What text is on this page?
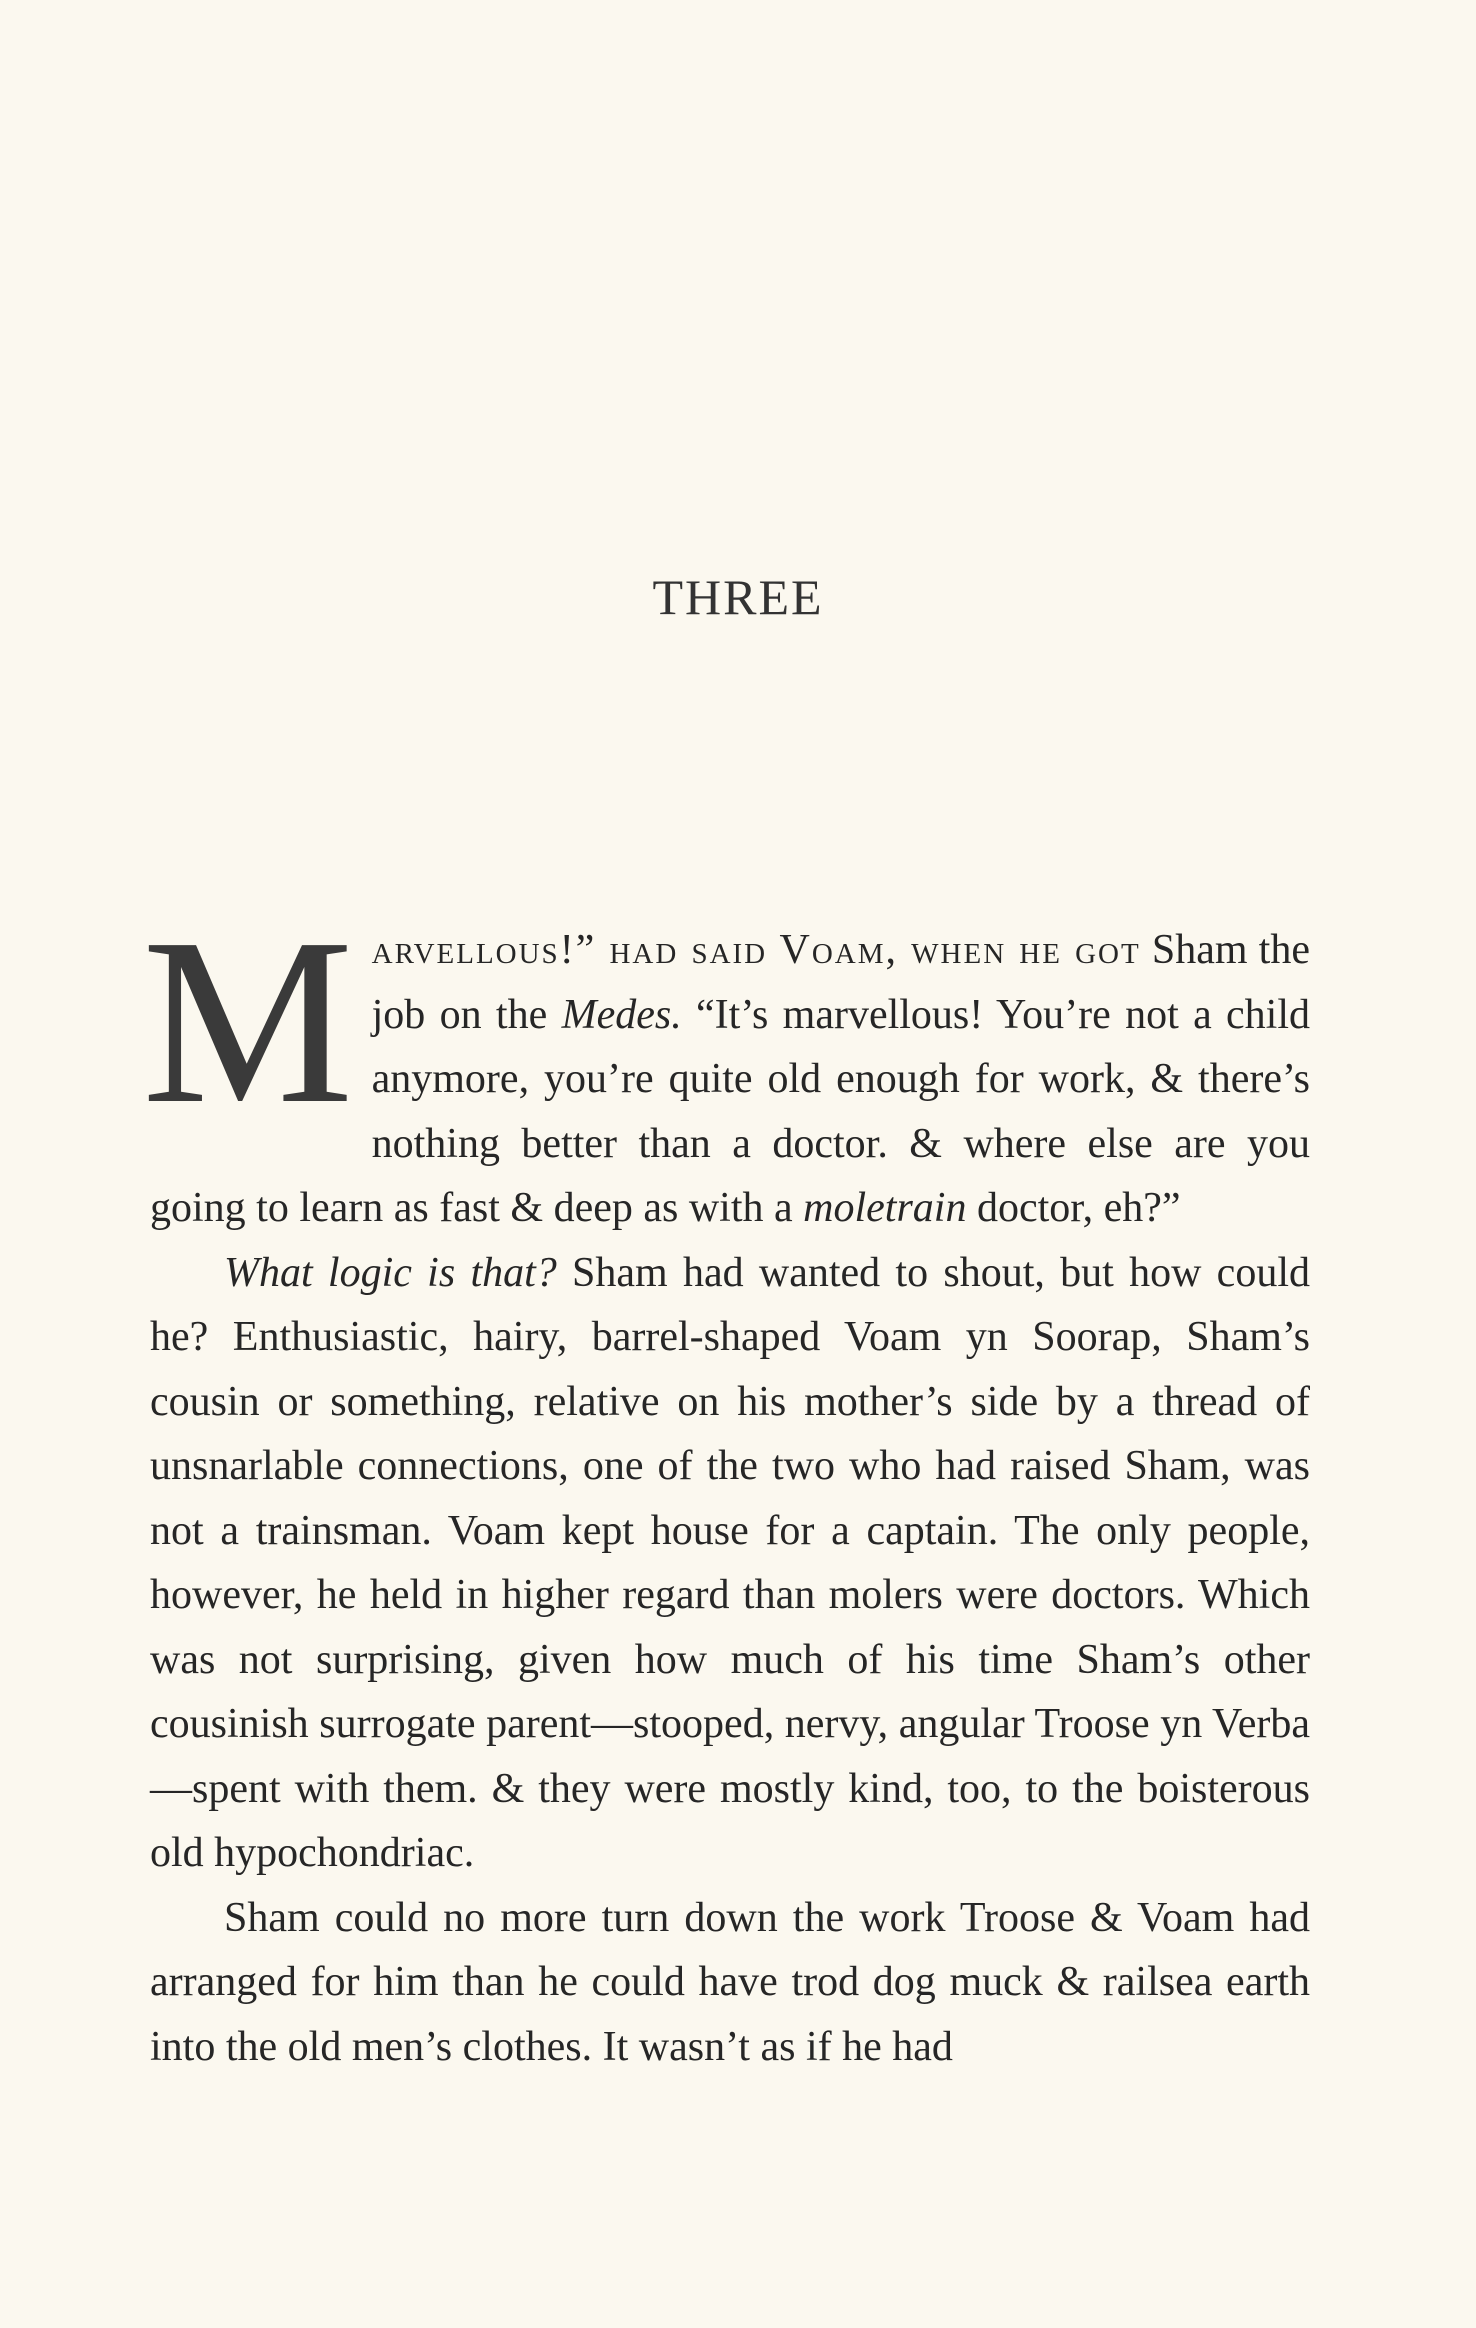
THREE

Marvellous!” had said Voam, when he got Sham the job on the Medes. “It’s marvellous! You’re not a child anymore, you’re quite old enough for work, & there’s nothing better than a doctor. & where else are you going to learn as fast & deep as with a moletrain doctor, eh?”

What logic is that? Sham had wanted to shout, but how could he? Enthusiastic, hairy, barrel-shaped Voam yn Soorap, Sham’s cousin or something, relative on his mother’s side by a thread of unsnarlable connections, one of the two who had raised Sham, was not a trainsman. Voam kept house for a captain. The only people, however, he held in higher regard than molers were doctors. Which was not surprising, given how much of his time Sham’s other cousinish surrogate parent—stooped, nervy, angular Troose yn Verba—spent with them. & they were mostly kind, too, to the boisterous old hypochondriac.

Sham could no more turn down the work Troose & Voam had arranged for him than he could have trod dog muck & railsea earth into the old men’s clothes. It wasn’t as if he had
